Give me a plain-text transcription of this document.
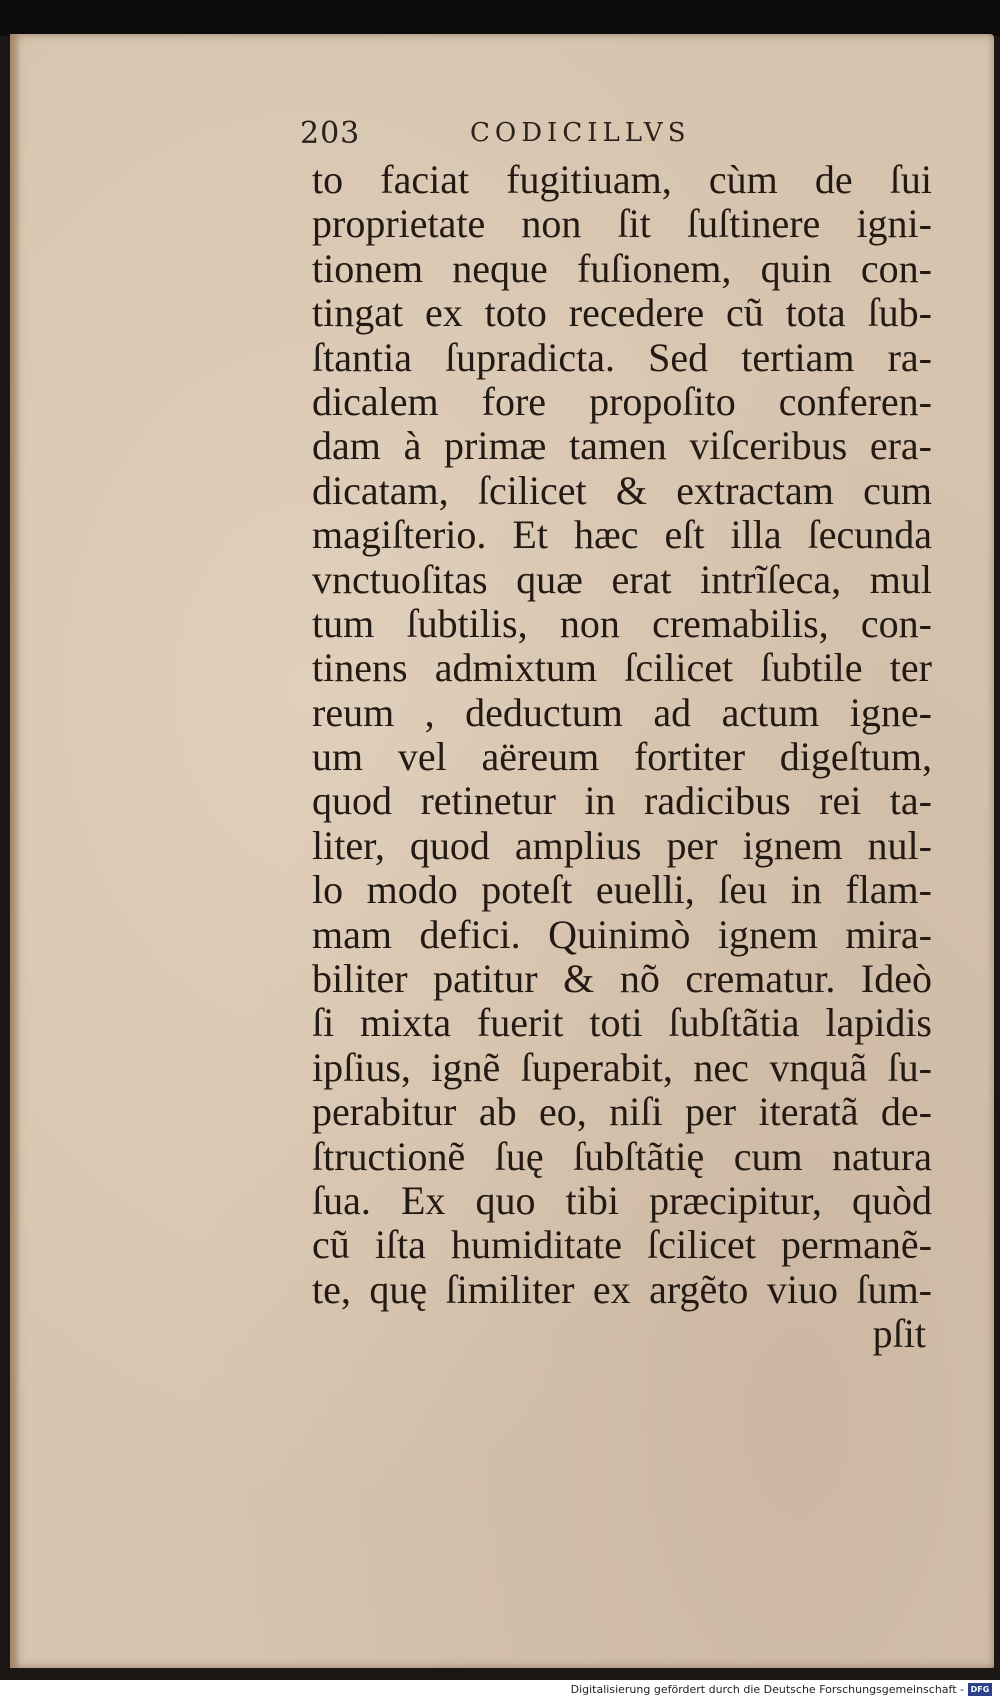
203	CODICILLVS
to faciat fugitiuam, cùm de ſui
proprietate non ſit ſuſtinere igni-
tionem neque fuſionem, quin con-
tingat ex toto recedere cũ tota ſub-
ſtantia ſupradicta. Sed tertiam ra-
dicalem fore propoſito conferen-
dam à primæ tamen viſceribus era-
dicatam, ſcilicet & extractam cum
magiſterio. Et hæc eſt illa ſecunda
vnctuoſitas quæ erat intrĩſeca, mul
tum ſubtilis, non cremabilis, con-
tinens admixtum ſcilicet ſubtile ter
reum , deductum ad actum igne-
um vel aëreum fortiter digeſtum,
quod retinetur in radicibus rei ta-
liter, quod amplius per ignem nul-
lo modo poteſt euelli, ſeu in flam-
mam defici. Quinimò ignem mira-
biliter patitur & nõ crematur. Ideò
ſi mixta fuerit toti ſubſtãtia lapidis
ipſius, ignẽ ſuperabit, nec vnquã ſu-
perabitur ab eo, niſi per iteratã de-
ſtructionẽ ſuę ſubſtãtię cum natura
ſua. Ex quo tibi præcipitur, quòd
cũ iſta humiditate ſcilicet permanẽ-
te, quę ſimiliter ex argẽto viuo ſum-
pſit
Digitalisierung gefördert durch die Deutsche Forschungsgemeinschaft - DFG
